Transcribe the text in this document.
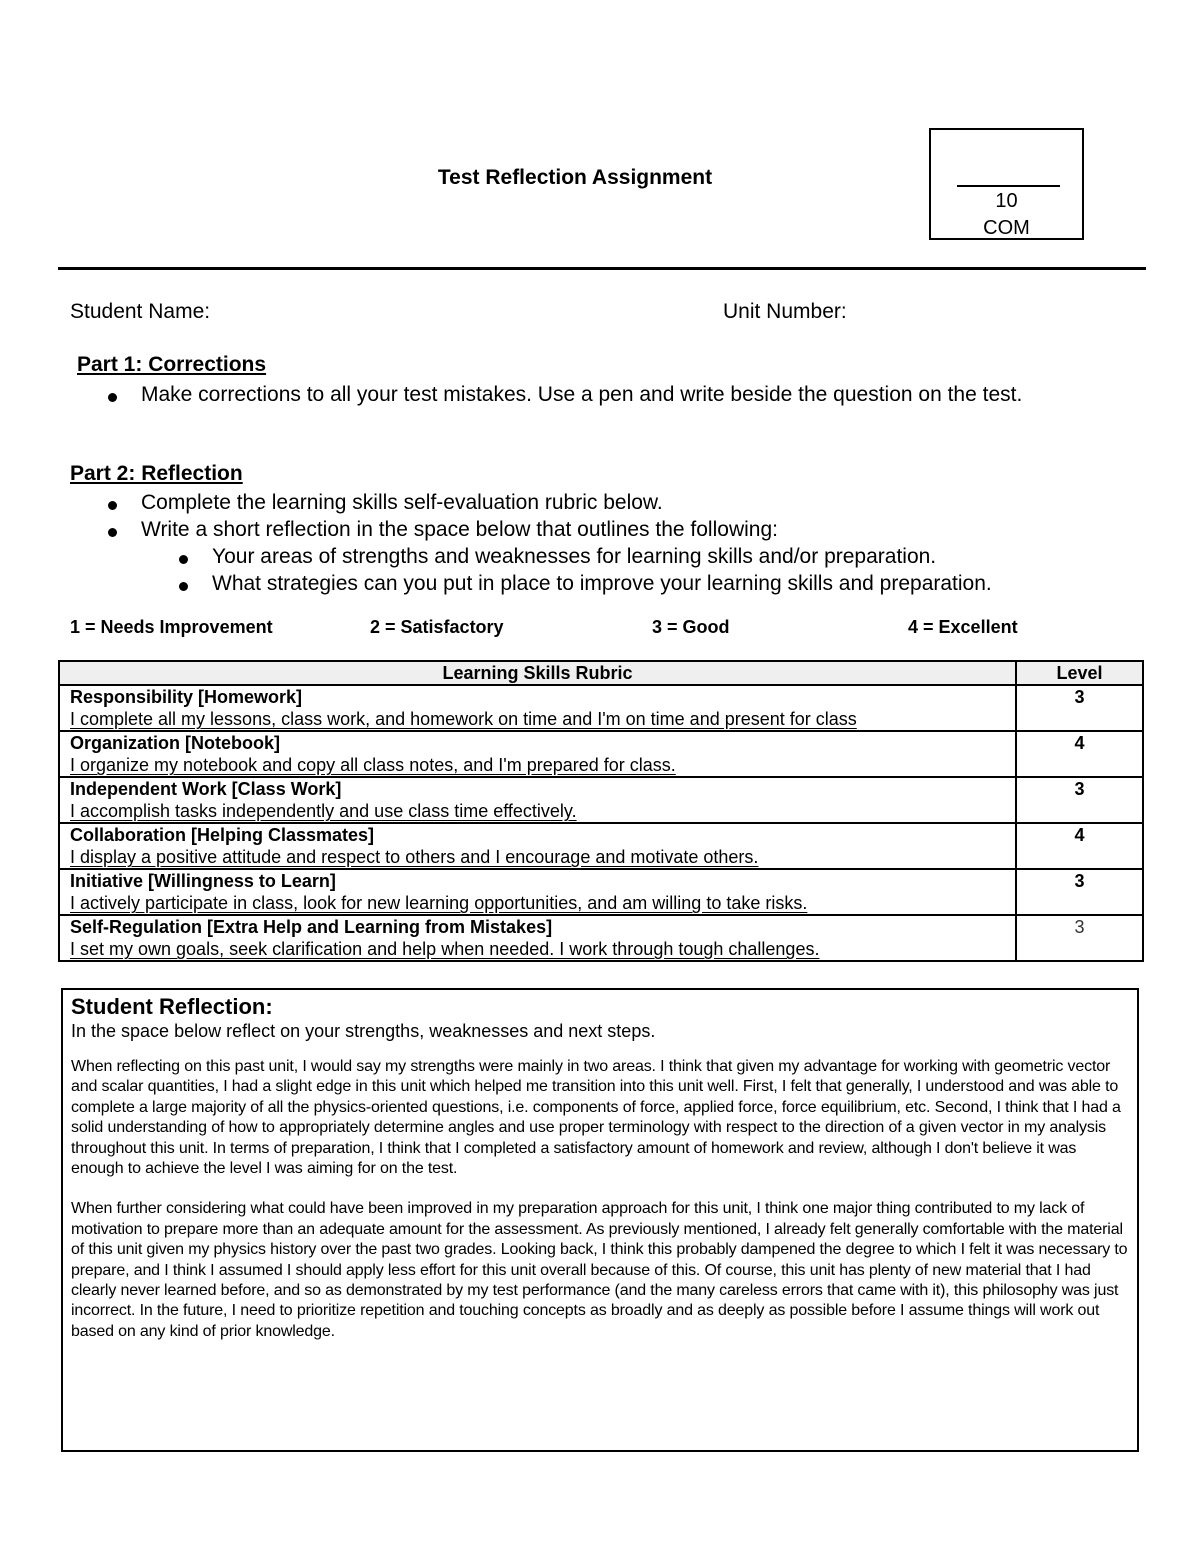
Test Reflection Assignment
10
COM
Student Name:	Unit Number:
Part 1: Corrections
Make corrections to all your test mistakes. Use a pen and write beside the question on the test.
Part 2: Reflection
Complete the learning skills self-evaluation rubric below.
Write a short reflection in the space below that outlines the following:
Your areas of strengths and weaknesses for learning skills and/or preparation.
What strategies can you put in place to improve your learning skills and preparation.
1 = Needs Improvement	2 = Satisfactory	3 = Good	4 = Excellent
Learning Skills Rubric	Level

Responsibility [Homework]
I complete all my lessons, class work, and homework on time and I'm on time and present for class	3

Organization [Notebook]
I organize my notebook and copy all class notes, and I'm prepared for class.	4

Independent Work [Class Work]
I accomplish tasks independently and use class time effectively.	3

Collaboration [Helping Classmates]
I display a positive attitude and respect to others and I encourage and motivate others.	4

Initiative [Willingness to Learn]
I actively participate in class, look for new learning opportunities, and am willing to take risks.	3

Self-Regulation [Extra Help and Learning from Mistakes]
I set my own goals, seek clarification and help when needed. I work through tough challenges.	3
Student Reflection:
In the space below reflect on your strengths, weaknesses and next steps.

When reflecting on this past unit, I would say my strengths were mainly in two areas. I think that given my advantage for working with geometric vector and scalar quantities, I had a slight edge in this unit which helped me transition into this unit well. First, I felt that generally, I understood and was able to complete a large majority of all the physics-oriented questions, i.e. components of force, applied force, force equilibrium, etc. Second, I think that I had a solid understanding of how to appropriately determine angles and use proper terminology with respect to the direction of a given vector in my analysis throughout this unit. In terms of preparation, I think that I completed a satisfactory amount of homework and review, although I don't believe it was enough to achieve the level I was aiming for on the test.

When further considering what could have been improved in my preparation approach for this unit, I think one major thing contributed to my lack of motivation to prepare more than an adequate amount for the assessment. As previously mentioned, I already felt generally comfortable with the material of this unit given my physics history over the past two grades. Looking back, I think this probably dampened the degree to which I felt it was necessary to prepare, and I think I assumed I should apply less effort for this unit overall because of this. Of course, this unit has plenty of new material that I had clearly never learned before, and so as demonstrated by my test performance (and the many careless errors that came with it), this philosophy was just incorrect. In the future, I need to prioritize repetition and touching concepts as broadly and as deeply as possible before I assume things will work out based on any kind of prior knowledge.
